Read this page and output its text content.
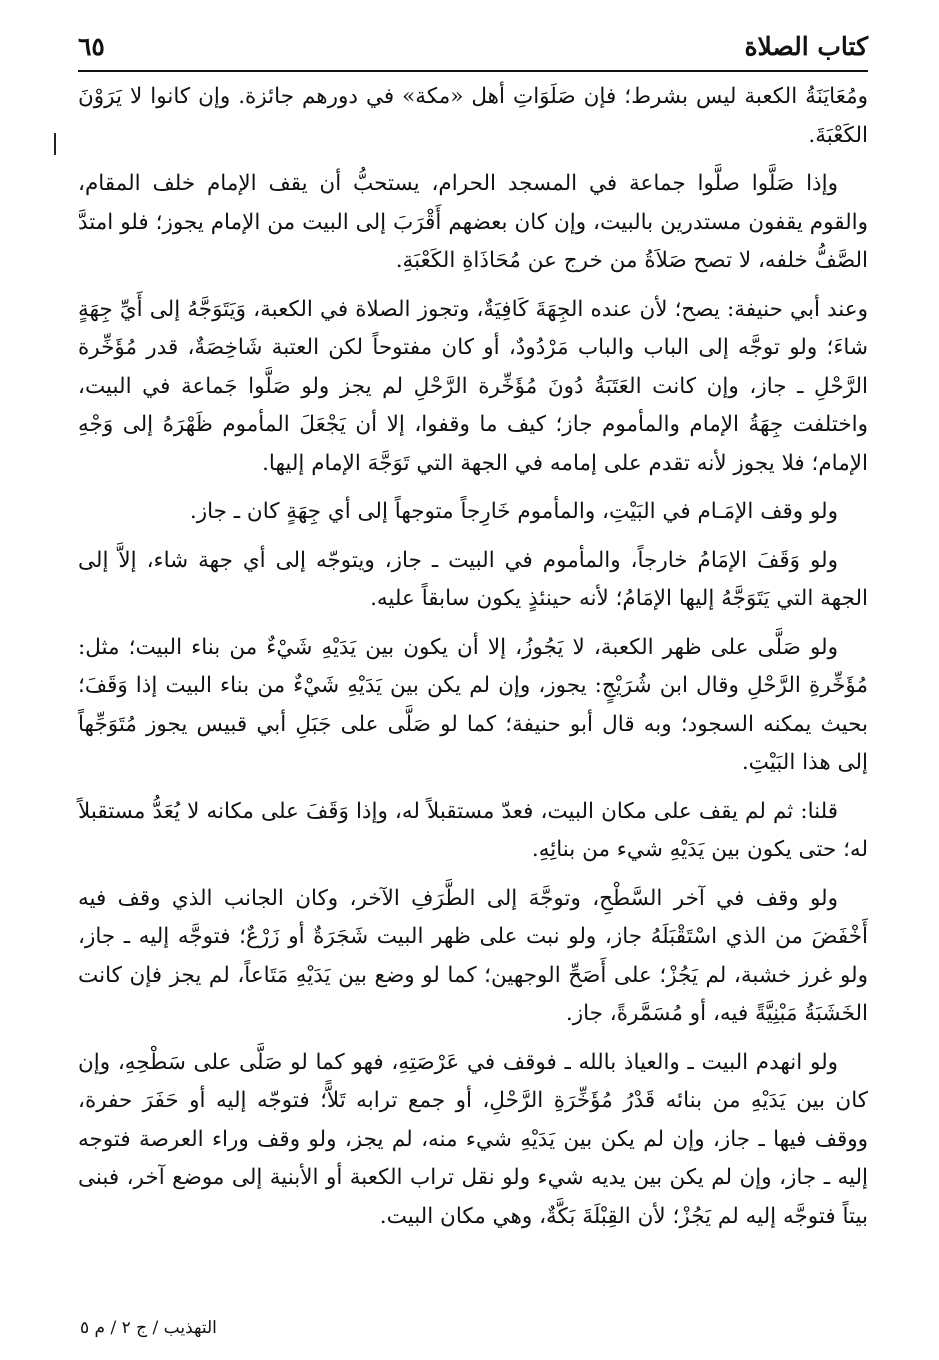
كتاب الصلاة
٦٥

ومُعَايَنَةُ الكعبة ليس بشرط؛ فإن صَلَوَاتِ أهل «مكة» في دورهم جائزة. وإن كانوا لا يَرَوْنَ الكَعْبَةَ.

وإذا صَلَّوا صلَّوا جماعة في المسجد الحرام، يستحبُّ أن يقف الإمام خلف المقام، والقوم يقفون مستدرين بالبيت، وإن كان بعضهم أَقْرَبَ إلى البيت من الإمام يجوز؛ فلو امتدَّ الصَّفُّ خلفه، لا تصح صَلاَةُ من خرج عن مُحَاذَاةِ الكَعْبَةِ.

وعند أبي حنيفة: يصح؛ لأن عنده الجِهَةَ كَافِيَةٌ، وتجوز الصلاة في الكعبة، وَيَتَوَجَّهُ إلى أَيِّ جِهَةٍ شاءَ؛ ولو توجَّه إلى الباب والباب مَرْدُودٌ، أو كان مفتوحاً لكن العتبة شَاخِصَةٌ، قدر مُؤَخِّرة الرَّحْلِ ـ جاز، وإن كانت العَتَبَةُ دُونَ مُؤَخِّرة الرَّحْلِ لم يجز ولو صَلَّوا جَماعة في البيت، واختلفت جِهَةُ الإمام والمأموم جاز؛ كيف ما وقفوا، إلا أن يَجْعَلَ المأموم ظَهْرَهُ إلى وَجْهِ الإمام؛ فلا يجوز لأنه تقدم على إمامه في الجهة التي تَوَجَّهَ الإمام إليها.

ولو وقف الإمَـام في البَيْتِ، والمأموم خَارِجاً متوجهاً إلى أي جِهَةٍ كان ـ جاز.

ولو وَقَفَ الإمَامُ خارجاً، والمأموم في البيت ـ جاز، ويتوجّه إلى أي جهة شاء، إلاَّ إلى الجهة التي يَتَوَجَّهُ إليها الإمَامُ؛ لأنه حينئذٍ يكون سابقاً عليه.

ولو صَلَّى على ظهر الكعبة، لا يَجُوزُ، إلا أن يكون بين يَدَيْهِ شَيْءٌ من بناء البيت؛ مثل: مُؤَخِّرةِ الرَّحْلِ وقال ابن شُرَيْجٍ: يجوز، وإن لم يكن بين يَدَيْهِ شَيْءٌ من بناء البيت إذا وَقَفَ؛ بحيث يمكنه السجود؛ وبه قال أبو حنيفة؛ كما لو صَلَّى على جَبَلِ أبي قبيس يجوز مُتَوَجِّهاً إلى هذا البَيْتِ.

قلنا: ثم لم يقف على مكان البيت، فعدّ مستقبلاً له، وإذا وَقَفَ على مكانه لا يُعَدُّ مستقبلاً له؛ حتى يكون بين يَدَيْهِ شيء من بنائِهِ.

ولو وقف في آخر السَّطْحِ، وتوجَّهَ إلى الطَّرَفِ الآخر، وكان الجانب الذي وقف فيه أَخْفَضَ من الذي اسْتَقْبَلَهُ جاز، ولو نبت على ظهر البيت شَجَرَةٌ أو زَرْعٌ؛ فتوجَّه إليه ـ جاز، ولو غرز خشبة، لم يَجُزْ؛ على أَصَحِّ الوجهين؛ كما لو وضع بين يَدَيْهِ مَتَاعاً، لم يجز فإن كانت الخَشَبَةُ مَبْنِيَّةً فيه، أو مُسَمَّرةً، جاز.

ولو انهدم البيت ـ والعياذ بالله ـ فوقف في عَرْصَتِهِ، فهو كما لو صَلَّى على سَطْحِهِ، وإن كان بين يَدَيْهِ من بنائه قَدْرُ مُؤَخِّرَةِ الرَّحْلِ، أو جمع ترابه تَلاًّ؛ فتوجّه إليه أو حَفَرَ حفرة، ووقف فيها ـ جاز، وإن لم يكن بين يَدَيْهِ شيء منه، لم يجز، ولو وقف وراء العرصة فتوجه إليه ـ جاز، وإن لم يكن بين يديه شيء ولو نقل تراب الكعبة أو الأبنية إلى موضع آخر، فبنى بيتاً فتوجَّه إليه لم يَجُزْ؛ لأن القِبْلَةَ بَكَّةٌ، وهي مكان البيت.

التهذيب / ج ٢ / م ٥
